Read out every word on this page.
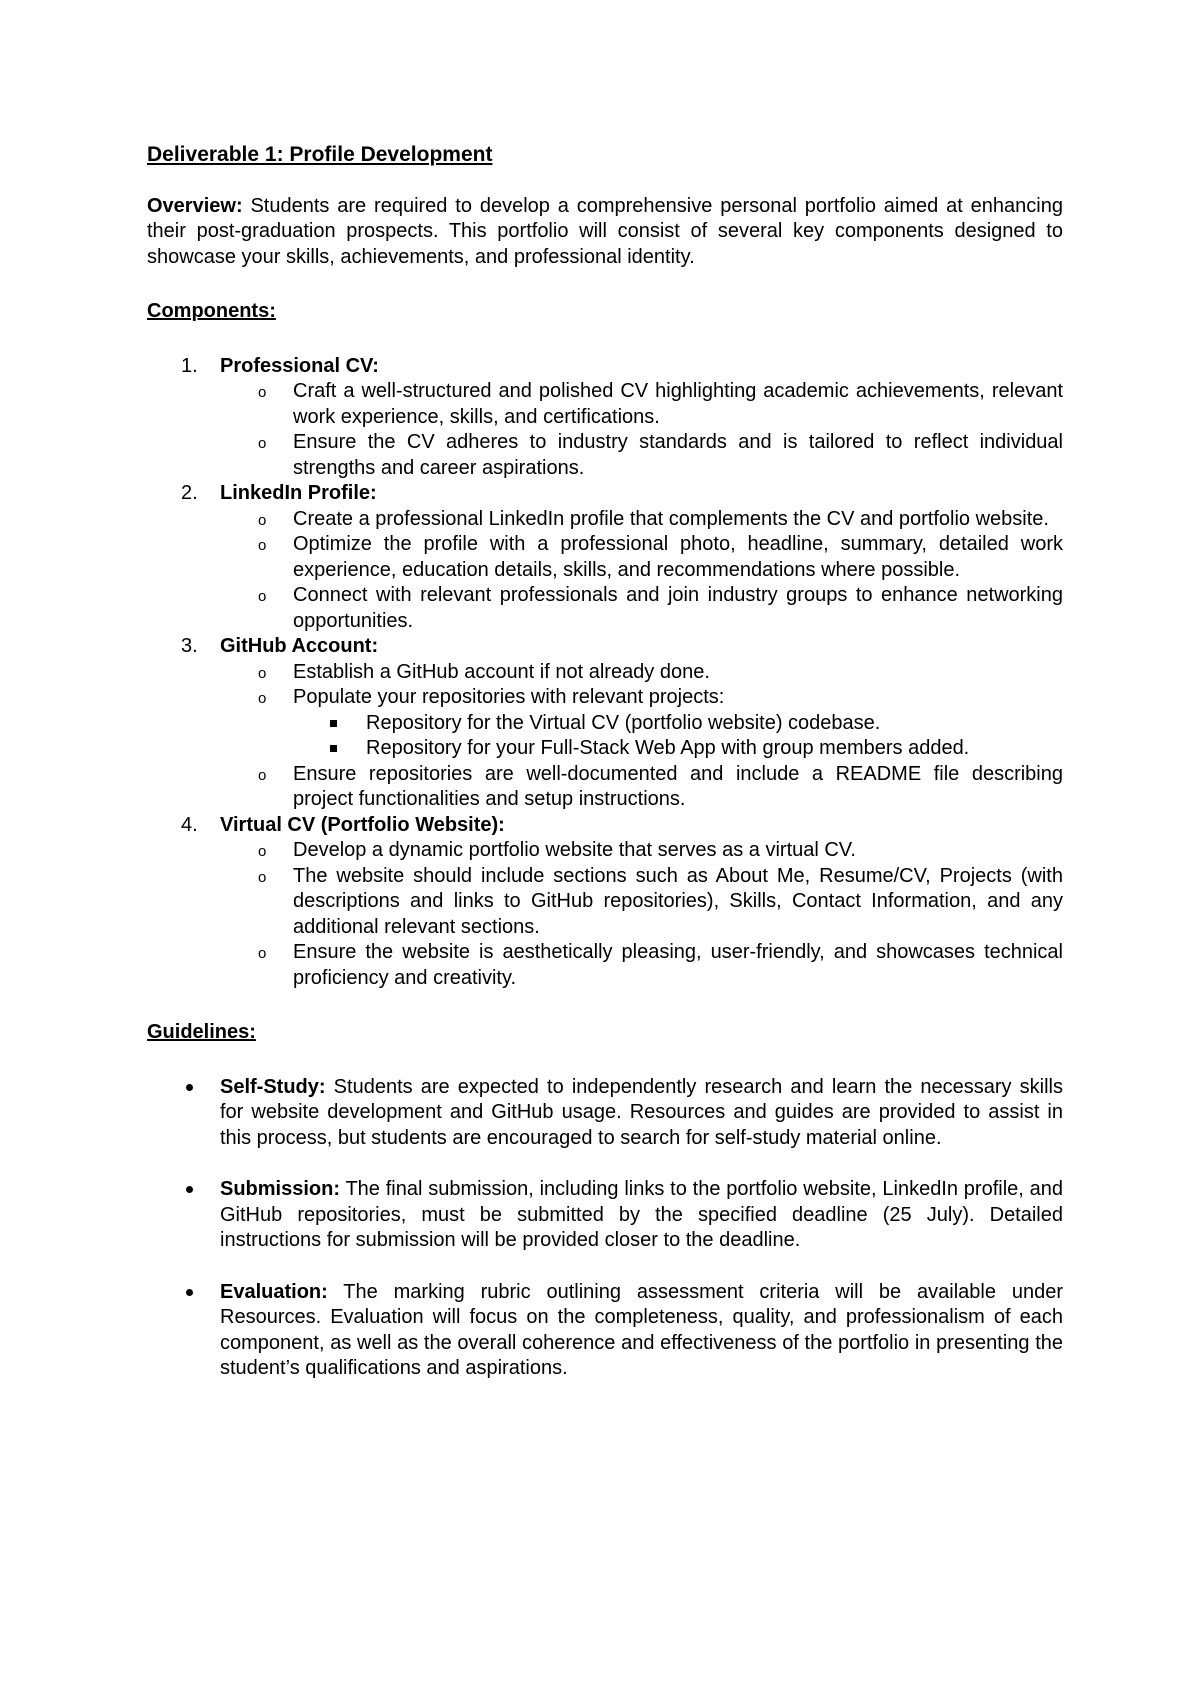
Deliverable 1: Profile Development

Overview: Students are required to develop a comprehensive personal portfolio aimed at enhancing their post-graduation prospects. This portfolio will consist of several key components designed to showcase your skills, achievements, and professional identity.

Components:
1. Professional CV:
o Craft a well-structured and polished CV highlighting academic achievements, relevant work experience, skills, and certifications.
o Ensure the CV adheres to industry standards and is tailored to reflect individual strengths and career aspirations.
2. LinkedIn Profile:
o Create a professional LinkedIn profile that complements the CV and portfolio website.
o Optimize the profile with a professional photo, headline, summary, detailed work experience, education details, skills, and recommendations where possible.
o Connect with relevant professionals and join industry groups to enhance networking opportunities.
3. GitHub Account:
o Establish a GitHub account if not already done.
o Populate your repositories with relevant projects:
Repository for the Virtual CV (portfolio website) codebase.
Repository for your Full-Stack Web App with group members added.
o Ensure repositories are well-documented and include a README file describing project functionalities and setup instructions.
4. Virtual CV (Portfolio Website):
o Develop a dynamic portfolio website that serves as a virtual CV.
o The website should include sections such as About Me, Resume/CV, Projects (with descriptions and links to GitHub repositories), Skills, Contact Information, and any additional relevant sections.
o Ensure the website is aesthetically pleasing, user-friendly, and showcases technical proficiency and creativity.
Guidelines:
Self-Study: Students are expected to independently research and learn the necessary skills for website development and GitHub usage. Resources and guides are provided to assist in this process, but students are encouraged to search for self-study material online.
Submission: The final submission, including links to the portfolio website, LinkedIn profile, and GitHub repositories, must be submitted by the specified deadline (25 July). Detailed instructions for submission will be provided closer to the deadline.
Evaluation: The marking rubric outlining assessment criteria will be available under Resources. Evaluation will focus on the completeness, quality, and professionalism of each component, as well as the overall coherence and effectiveness of the portfolio in presenting the student’s qualifications and aspirations.
